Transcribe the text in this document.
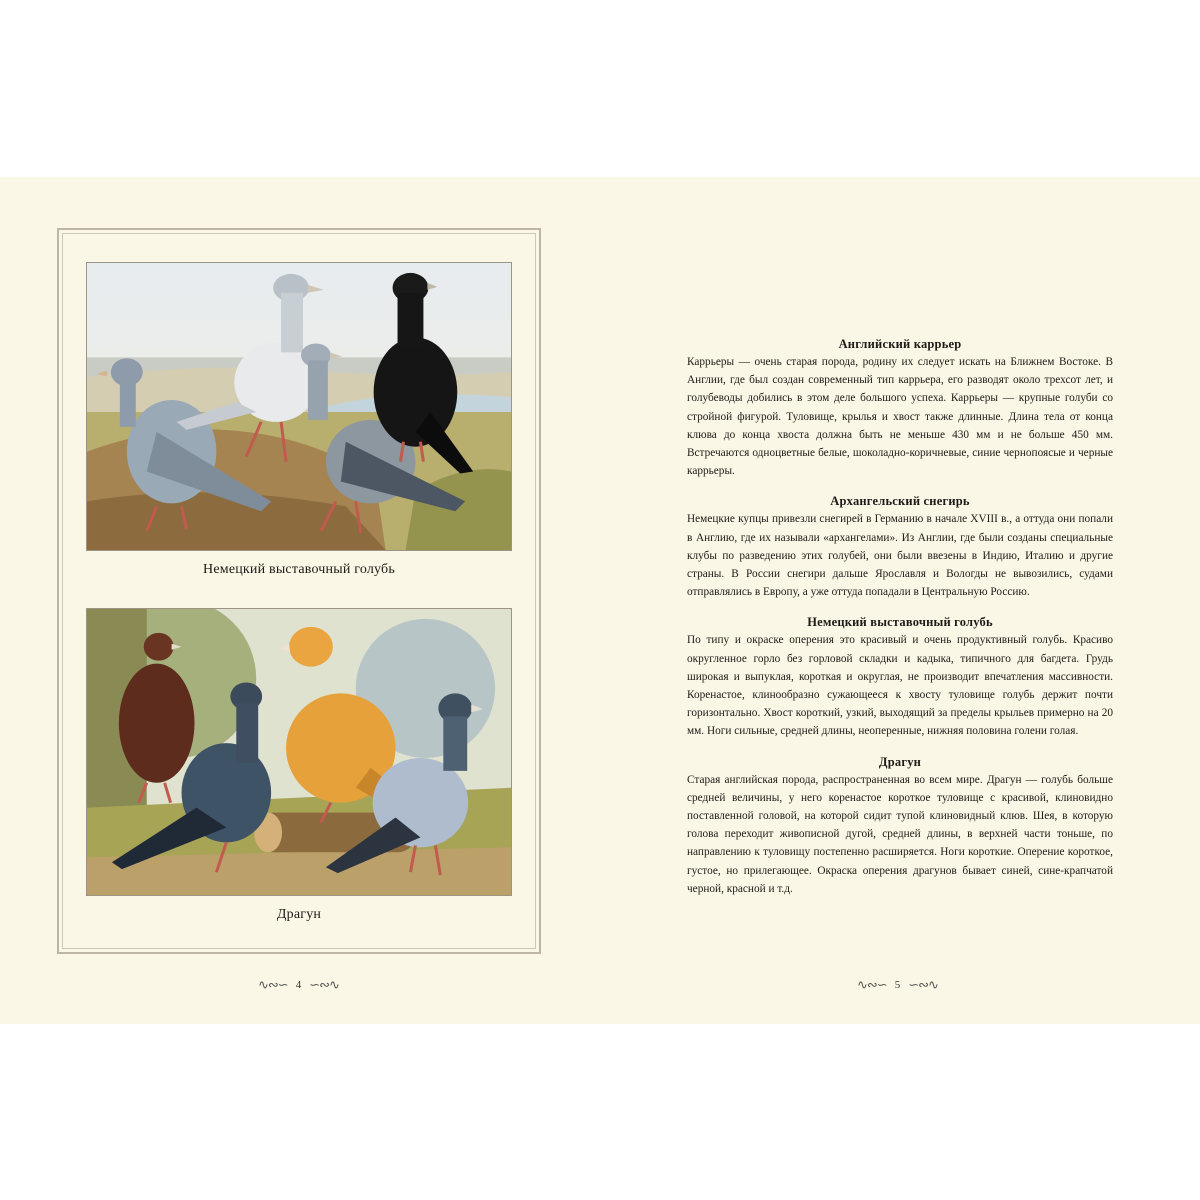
Немецкий выставочный голубь
Драгун
∿∾∽ 4 ∽∾∿
Английский каррьер

Каррьеры — очень старая порода, родину их следует искать на Ближнем Востоке. В Англии, где был создан современный тип каррьера, его разводят около трехсот лет, и голубеводы добились в этом деле большого успеха. Каррьеры — крупные голуби со стройной фигурой. Туловище, крылья и хвост также длинные. Длина тела от конца клюва до конца хвоста должна быть не меньше 430 мм и не больше 450 мм. Встречаются одноцветные белые, шоколадно-коричневые, синие чернопоясые и черные каррьеры.

Архангельский снегирь

Немецкие купцы привезли снегирей в Германию в начале XVIII в., а оттуда они попали в Англию, где их называли «архангелами». Из Англии, где были созданы специальные клубы по разведению этих голубей, они были ввезены в Индию, Италию и другие страны. В России снегири дальше Ярославля и Вологды не вывозились, судами отправлялись в Европу, а уже оттуда попадали в Центральную Россию.

Немецкий выставочный голубь

По типу и окраске оперения это красивый и очень продуктивный голубь. Красиво округленное горло без горловой складки и кадыка, типичного для багдета. Грудь широкая и выпуклая, короткая и округлая, не производит впечатления массивности. Коренастое, клинообразно сужающееся к хвосту туловище голубь держит почти горизонтально. Хвост короткий, узкий, выходящий за пределы крыльев примерно на 20 мм. Ноги сильные, средней длины, неоперенные, нижняя половина голени голая.

Драгун

Старая английская порода, распространенная во всем мире. Драгун — голубь больше средней величины, у него коренастое короткое туловище с красивой, клиновидно поставленной головой, на которой сидит тупой клиновидный клюв. Шея, в которую голова переходит живописной дугой, средней длины, в верхней части тоньше, по направлению к туловищу постепенно расширяется. Ноги короткие. Оперение короткое, густое, но прилегающее. Окраска оперения драгунов бывает синей, сине-крапчатой черной, красной и т.д.

∿∾∽ 5 ∽∾∿
